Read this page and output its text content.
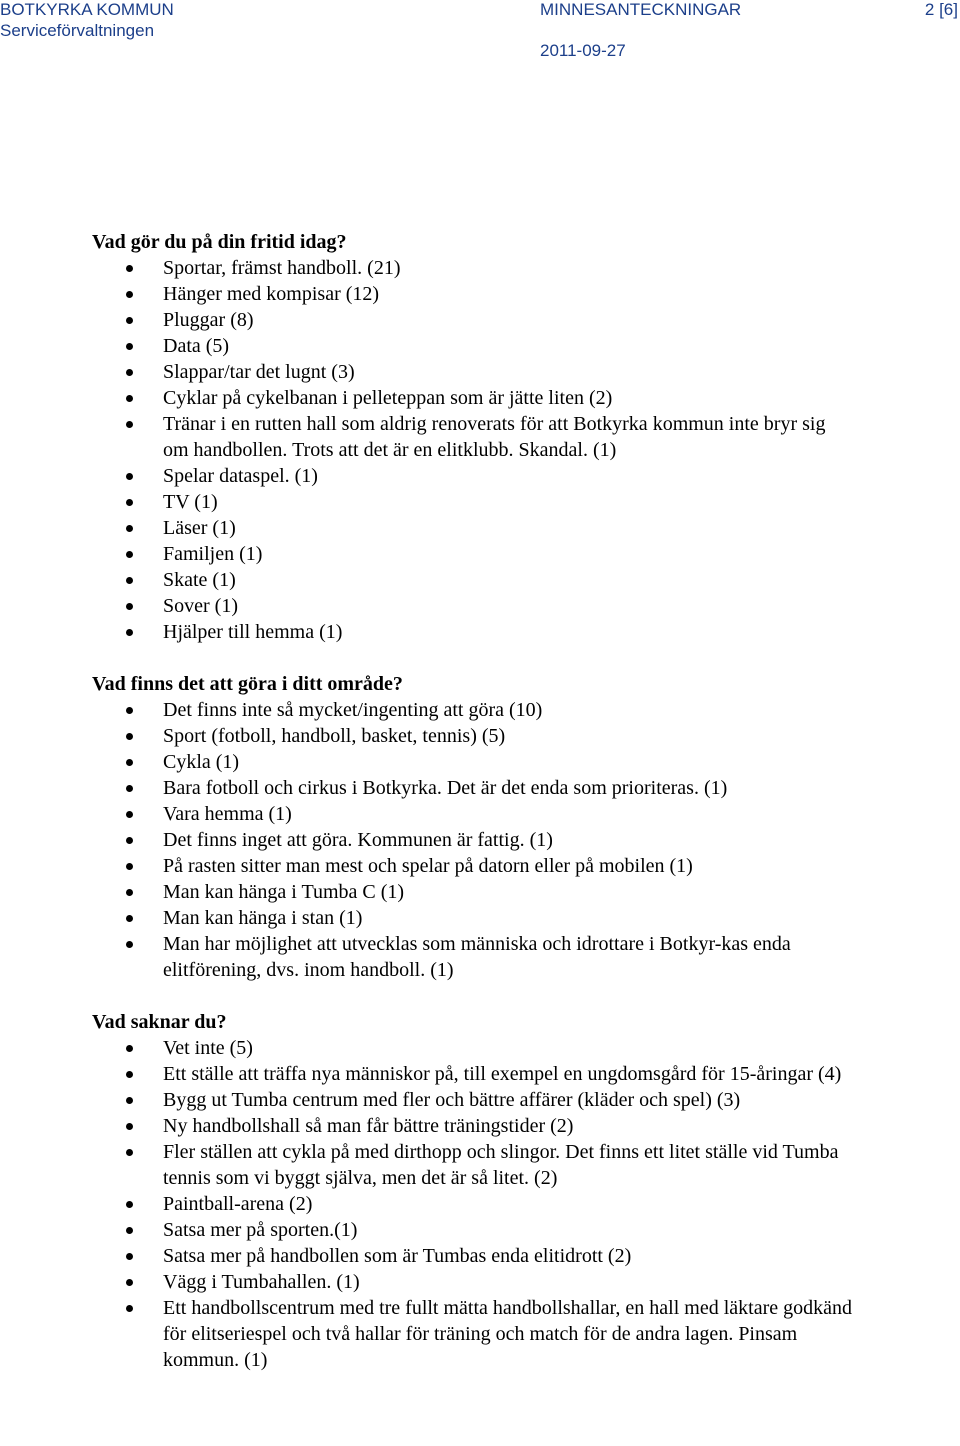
BOTKYRKA KOMMUN
Serviceförvaltningen
MINNESANTECKNINGAR	2 [6]
2011-09-27
Vad gör du på din fritid idag?
Sportar, främst handboll. (21)
Hänger med kompisar (12)
Pluggar (8)
Data (5)
Slappar/tar det lugnt (3)
Cyklar på cykelbanan i pelleteppan som är jätte liten (2)
Tränar i en rutten hall som aldrig renoverats för att Botkyrka kommun inte bryr sig om handbollen. Trots att det är en elitklubb. Skandal. (1)
Spelar dataspel. (1)
TV (1)
Läser (1)
Familjen (1)
Skate (1)
Sover (1)
Hjälper till hemma (1)
Vad finns det att göra i ditt område?
Det finns inte så mycket/ingenting att göra (10)
Sport (fotboll, handboll, basket, tennis) (5)
Cykla (1)
Bara fotboll och cirkus i Botkyrka. Det är det enda som prioriteras. (1)
Vara hemma (1)
Det finns inget att göra. Kommunen är fattig. (1)
På rasten sitter man mest och spelar på datorn eller på mobilen (1)
Man kan hänga i Tumba C (1)
Man kan hänga i stan (1)
Man har möjlighet att utvecklas som människa och idrottare i Botkyr-kas enda elitförening, dvs. inom handboll. (1)
Vad saknar du?
Vet inte (5)
Ett ställe att träffa nya människor på, till exempel en ungdomsgård för 15-åringar (4)
Bygg ut Tumba centrum med fler och bättre affärer (kläder och spel) (3)
Ny handbollshall så man får bättre träningstider (2)
Fler ställen att cykla på med dirthopp och slingor. Det finns ett litet ställe vid Tumba tennis som vi byggt själva, men det är så litet. (2)
Paintball-arena (2)
Satsa mer på sporten.(1)
Satsa mer på handbollen som är Tumbas enda elitidrott (2)
Vägg i Tumbahallen. (1)
Ett handbollscentrum med tre fullt mätta handbollshallar, en hall med läktare godkänd för elitseriespel och två hallar för träning och match för de andra lagen. Pinsam kommun. (1)
